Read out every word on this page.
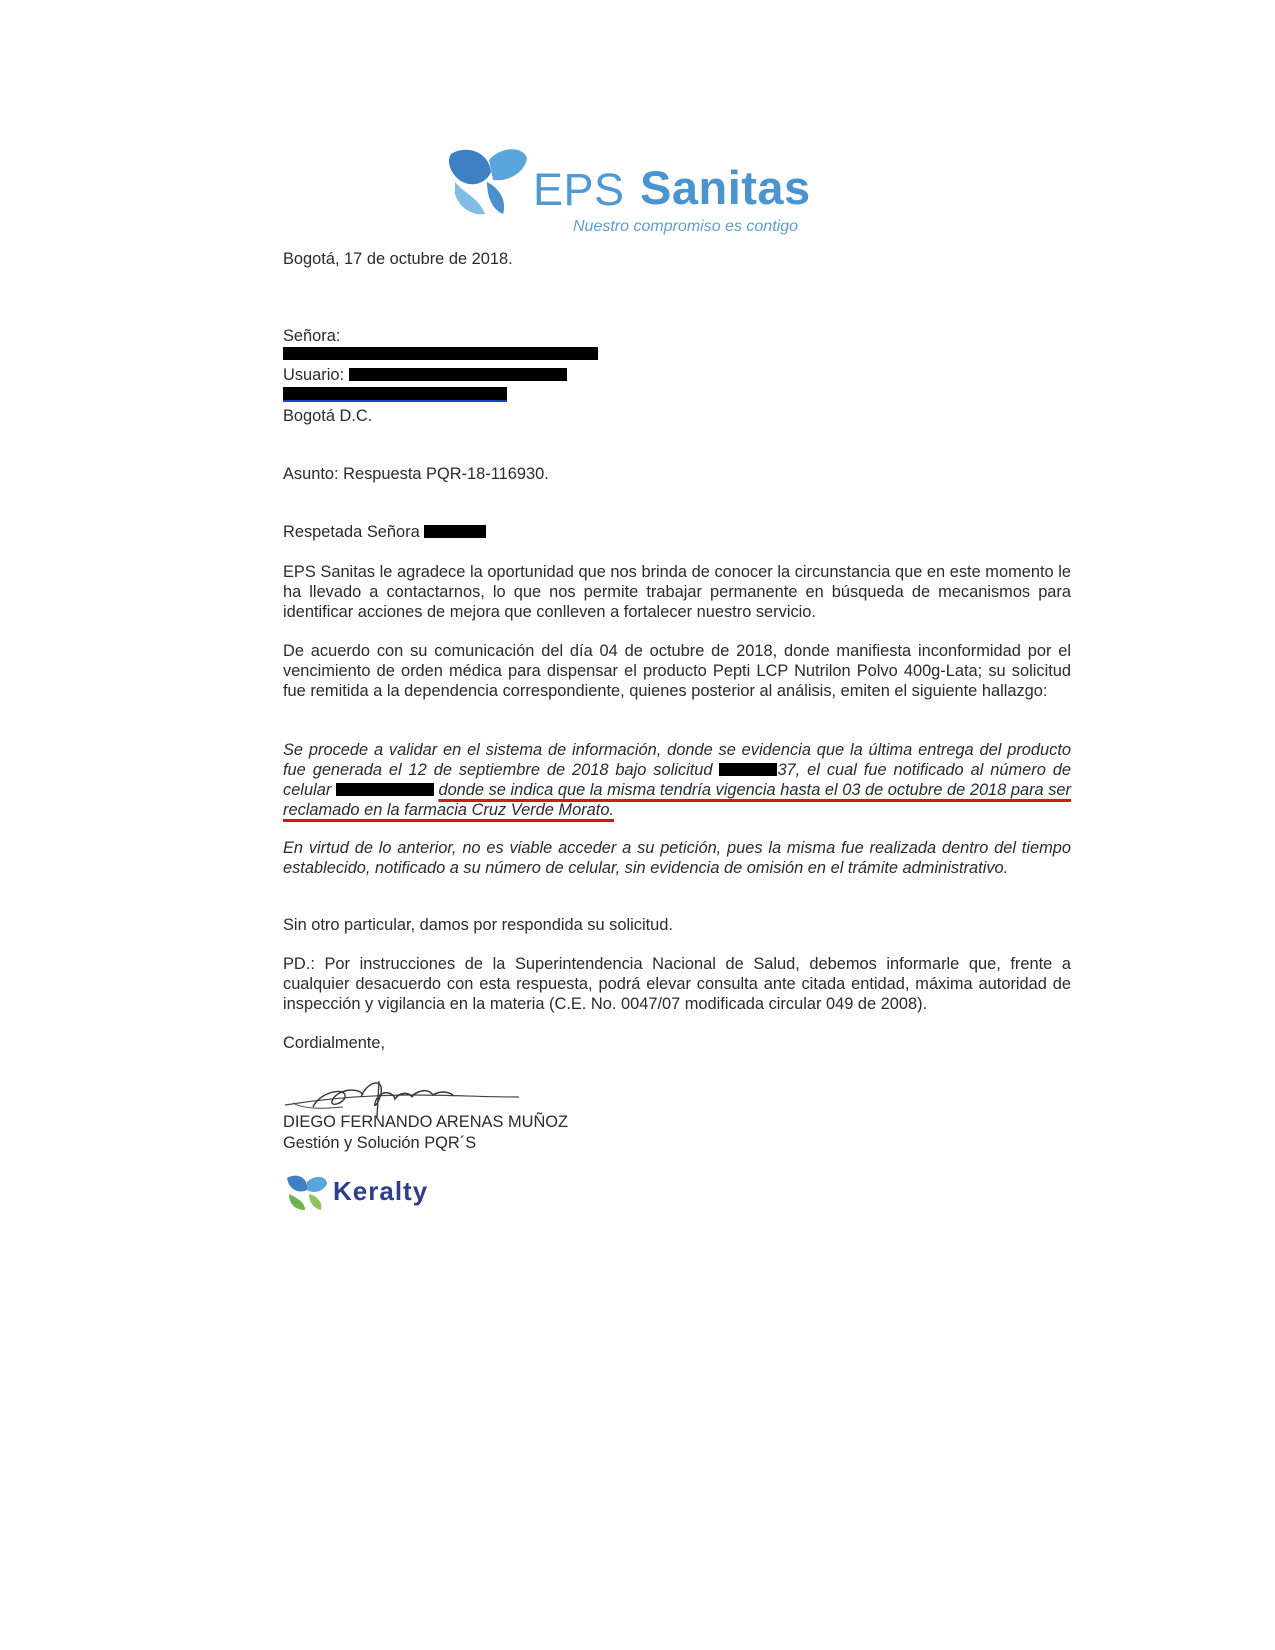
EPS Sanitas
Nuestro compromiso es contigo
Bogotá, 17 de octubre de 2018.
Señora:
Usuario:
Bogotá D.C.
Asunto: Respuesta PQR-18-116930.
Respetada Señora
EPS Sanitas le agradece la oportunidad que nos brinda de conocer la circunstancia que en este momento le ha llevado a contactarnos, lo que nos permite trabajar permanente en búsqueda de mecanismos para identificar acciones de mejora que conlleven a fortalecer nuestro servicio.
De acuerdo con su comunicación del día 04 de octubre de 2018, donde manifiesta inconformidad por el vencimiento de orden médica para dispensar el producto Pepti LCP Nutrilon Polvo 400g-Lata; su solicitud fue remitida a la dependencia correspondiente, quienes posterior al análisis, emiten el siguiente hallazgo:
Se procede a validar en el sistema de información, donde se evidencia que la última entrega del producto fue generada el 12 de septiembre de 2018 bajo solicitud	37, el cual fue notificado al número de celular	donde se indica que la misma tendría vigencia hasta el 03 de octubre de 2018 para ser reclamado en la farmacia Cruz Verde Morato.
En virtud de lo anterior, no es viable acceder a su petición, pues la misma fue realizada dentro del tiempo establecido, notificado a su número de celular, sin evidencia de omisión en el trámite administrativo.
Sin otro particular, damos por respondida su solicitud.
PD.: Por instrucciones de la Superintendencia Nacional de Salud, debemos informarle que, frente a cualquier desacuerdo con esta respuesta, podrá elevar consulta ante citada entidad, máxima autoridad de inspección y vigilancia en la materia (C.E. No. 0047/07 modificada circular 049 de 2008).
Cordialmente,
DIEGO FERNANDO ARENAS MUÑOZ
Gestión y Solución PQR´S
Keralty
